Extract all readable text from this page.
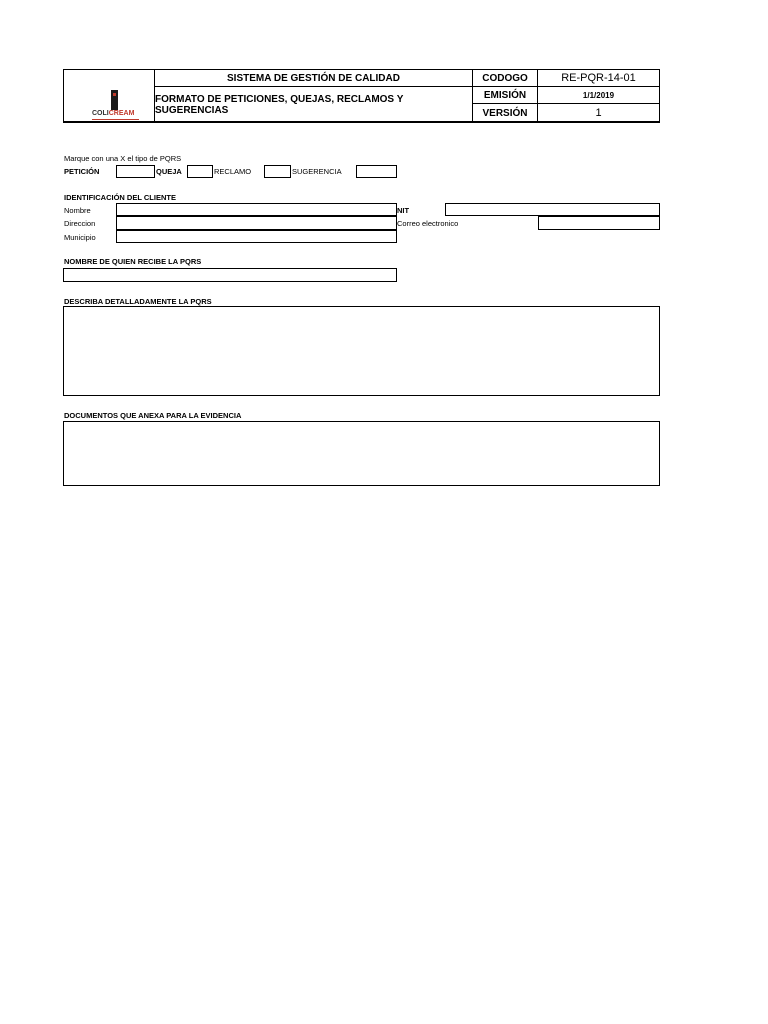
COLICREAM
SISTEMA DE GESTIÓN DE CALIDAD
FORMATO DE PETICIONES, QUEJAS, RECLAMOS Y SUGERENCIAS
CODOGO	RE-PQR-14-01
EMISIÓN	1/1/2019
VERSIÓN	1
Marque con una X el tipo de PQRS
PETICIÓN	QUEJA	RECLAMO	SUGERENCIA
IDENTIFICACIÓN DEL CLIENTE
Nombre	NIT
Direccion	Correo electronico
Municipio
NOMBRE DE QUIEN RECIBE LA PQRS
DESCRIBA DETALLADAMENTE LA PQRS
DOCUMENTOS QUE ANEXA PARA LA EVIDENCIA
